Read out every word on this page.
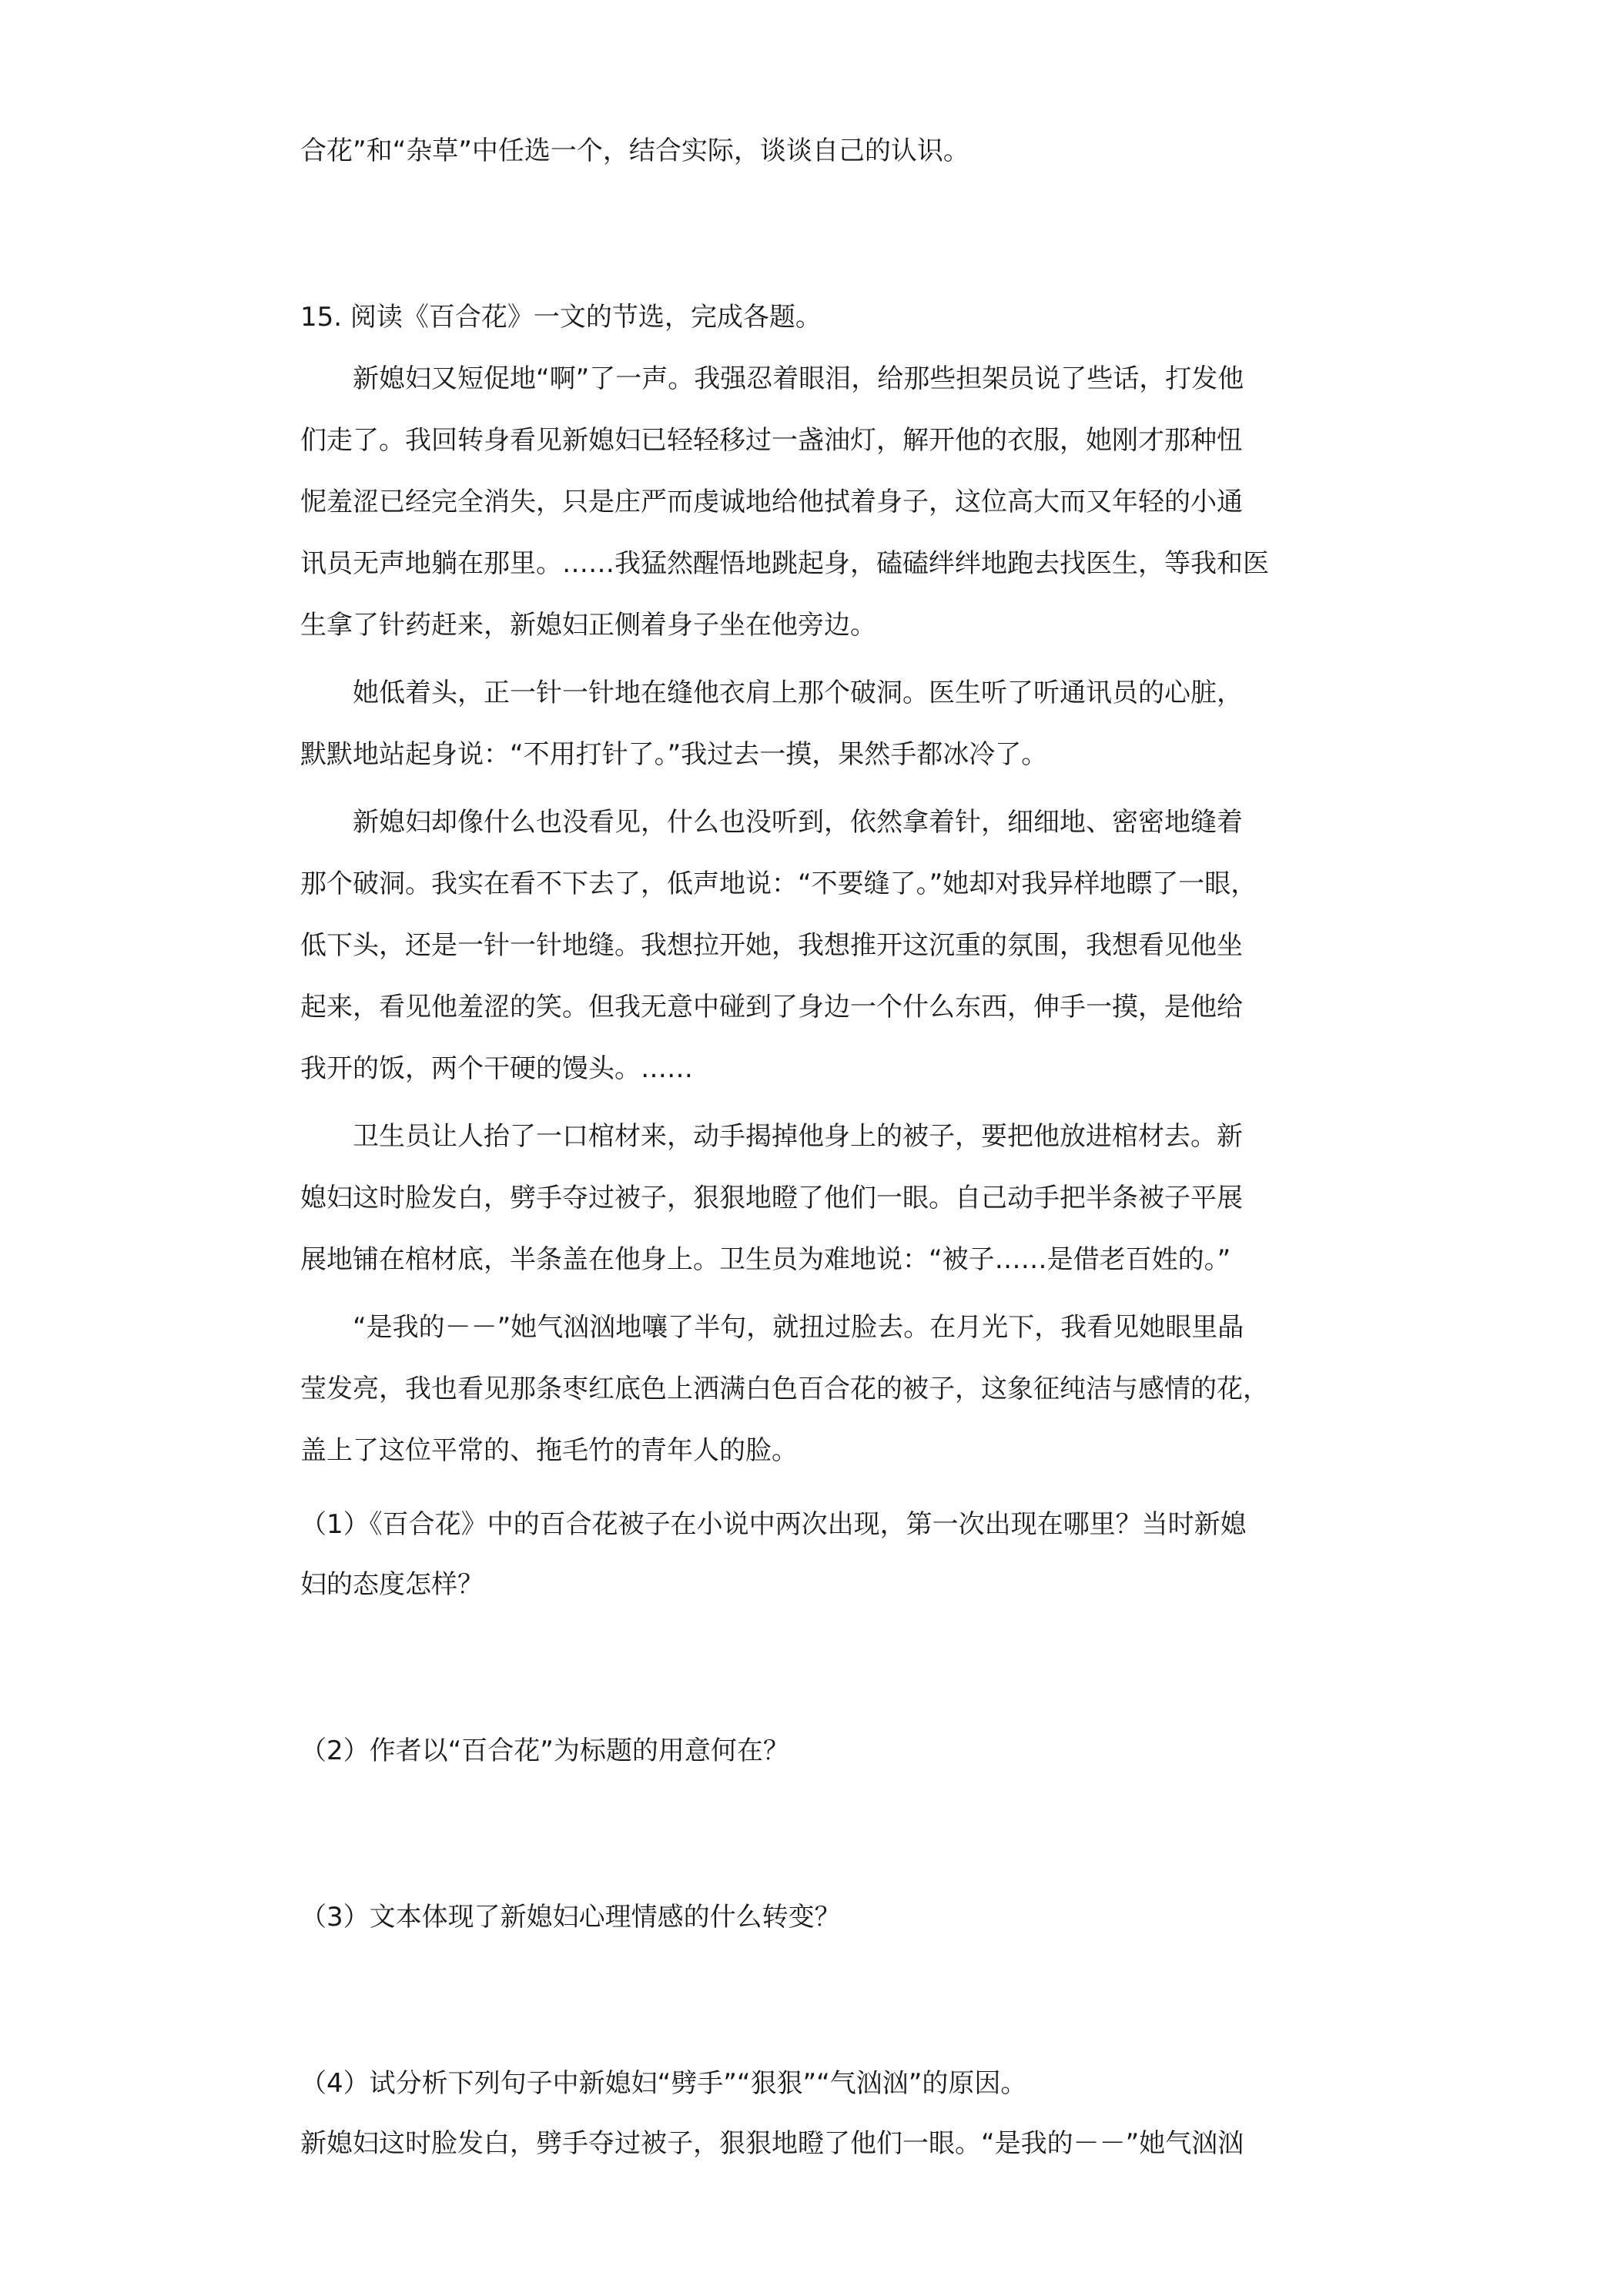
合花”和“杂草”中任选一个，结合实际，谈谈自己的认识。
15. 阅读《百合花》一文的节选，完成各题。
新媳妇又短促地“啊”了一声。我强忍着眼泪，给那些担架员说了些话，打发他
们走了。我回转身看见新媳妇已轻轻移过一盏油灯，解开他的衣服，她刚才那种忸
怩羞涩已经完全消失，只是庄严而虔诚地给他拭着身子，这位高大而又年轻的小通
讯员无声地躺在那里。……我猛然醒悟地跳起身，磕磕绊绊地跑去找医生，等我和医
生拿了针药赶来，新媳妇正侧着身子坐在他旁边。
她低着头，正一针一针地在缝他衣肩上那个破洞。医生听了听通讯员的心脏，
默默地站起身说：“不用打针了。”我过去一摸，果然手都冰冷了。
新媳妇却像什么也没看见，什么也没听到，依然拿着针，细细地、密密地缝着
那个破洞。我实在看不下去了，低声地说：“不要缝了。”她却对我异样地瞟了一眼，
低下头，还是一针一针地缝。我想拉开她，我想推开这沉重的氛围，我想看见他坐
起来，看见他羞涩的笑。但我无意中碰到了身边一个什么东西，伸手一摸，是他给
我开的饭，两个干硬的馒头。……
卫生员让人抬了一口棺材来，动手揭掉他身上的被子，要把他放进棺材去。新
媳妇这时脸发白，劈手夺过被子，狠狠地瞪了他们一眼。自己动手把半条被子平展
展地铺在棺材底，半条盖在他身上。卫生员为难地说：“被子……是借老百姓的。”
“是我的－－”她气汹汹地嚷了半句，就扭过脸去。在月光下，我看见她眼里晶
莹发亮，我也看见那条枣红底色上洒满白色百合花的被子，这象征纯洁与感情的花，
盖上了这位平常的、拖毛竹的青年人的脸。
（1）《百合花》中的百合花被子在小说中两次出现，第一次出现在哪里？当时新媳
妇的态度怎样？
（2）作者以“百合花”为标题的用意何在？
（3）文本体现了新媳妇心理情感的什么转变？
（4）试分析下列句子中新媳妇“劈手”“狠狠”“气汹汹”的原因。
新媳妇这时脸发白，劈手夺过被子，狠狠地瞪了他们一眼。“是我的－－”她气汹汹
